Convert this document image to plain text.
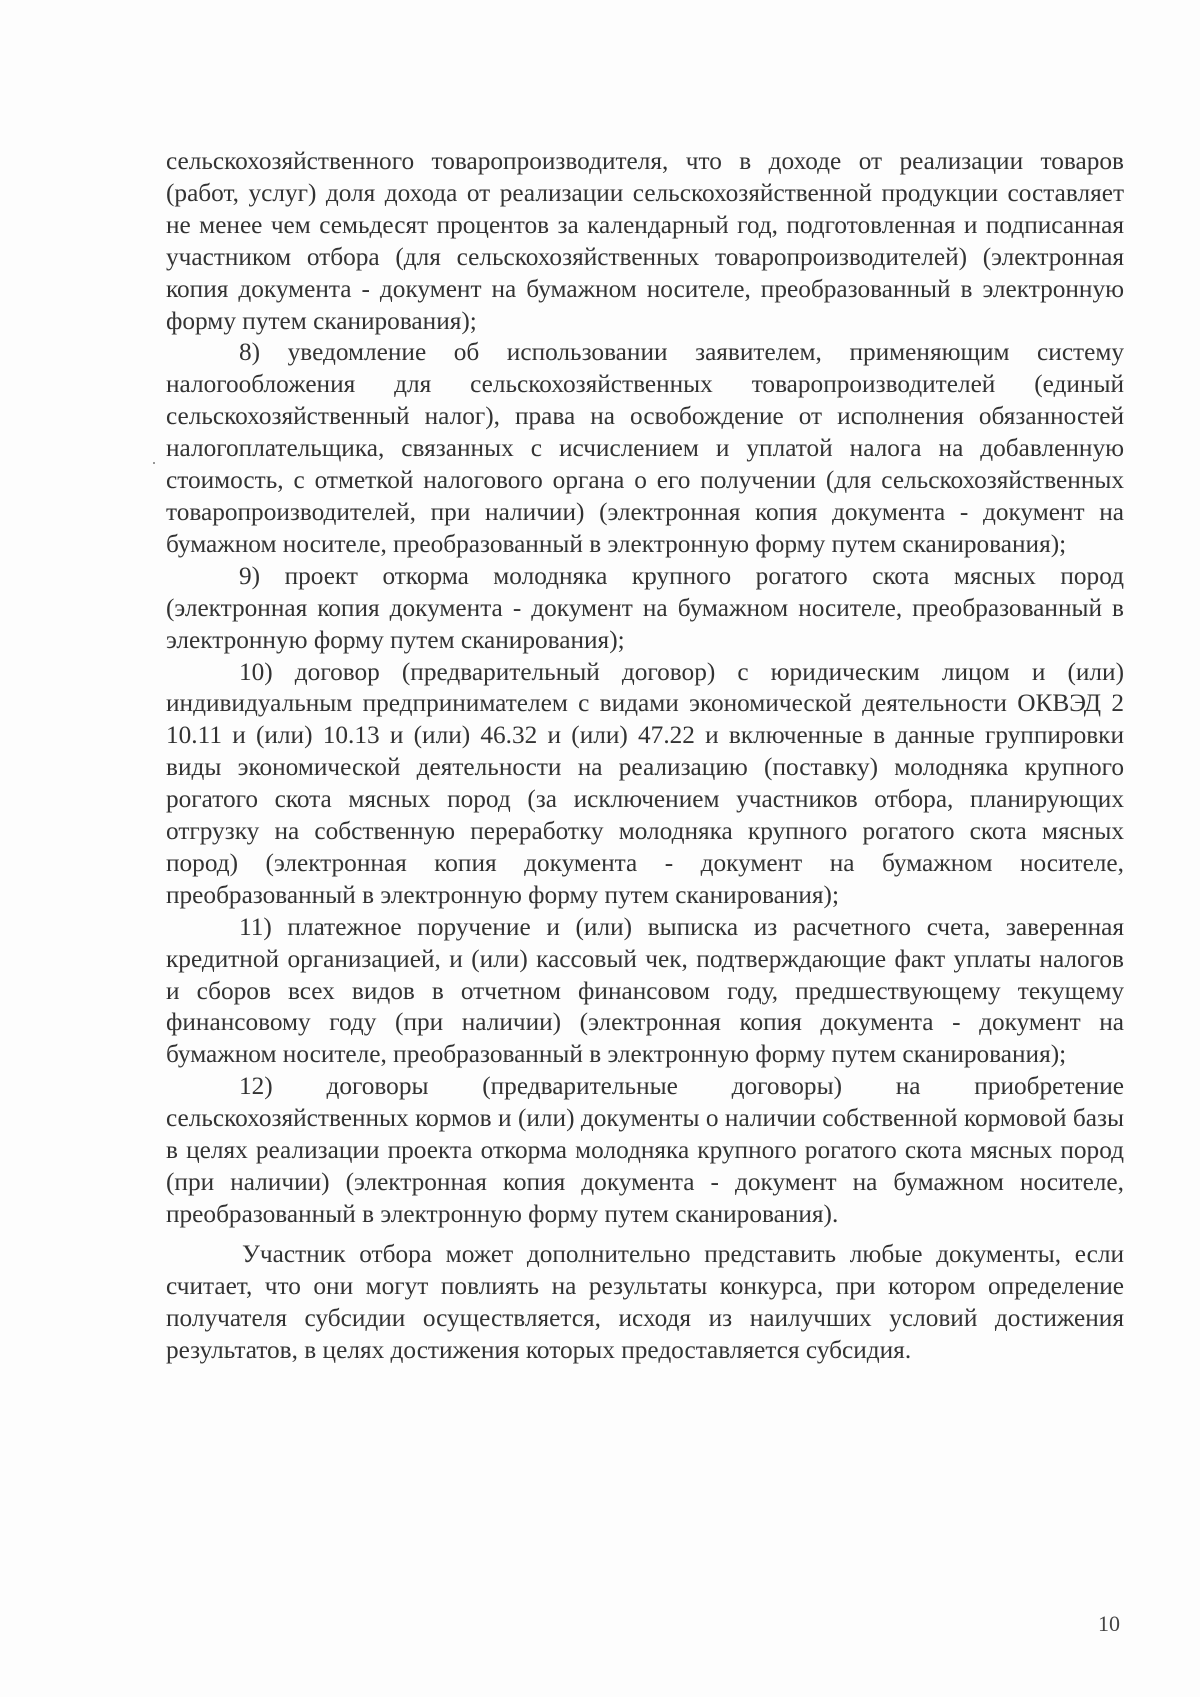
сельскохозяйственного товаропроизводителя, что в доходе от реализации товаров (работ, услуг) доля дохода от реализации сельскохозяйственной продукции составляет не менее чем семьдесят процентов за календарный год, подготовленная и подписанная участником отбора (для сельскохозяйственных товаропроизводителей) (электронная копия документа - документ на бумажном носителе, преобразованный в электронную форму путем сканирования);

8) уведомление об использовании заявителем, применяющим систему налогообложения для сельскохозяйственных товаропроизводителей (единый сельскохозяйственный налог), права на освобождение от исполнения обязанностей налогоплательщика, связанных с исчислением и уплатой налога на добавленную стоимость, с отметкой налогового органа о его получении (для сельскохозяйственных товаропроизводителей, при наличии) (электронная копия документа - документ на бумажном носителе, преобразованный в электронную форму путем сканирования);

9) проект откорма молодняка крупного рогатого скота мясных пород (электронная копия документа - документ на бумажном носителе, преобразованный в электронную форму путем сканирования);

10) договор (предварительный договор) с юридическим лицом и (или) индивидуальным предпринимателем с видами экономической деятельности ОКВЭД 2 10.11 и (или) 10.13 и (или) 46.32 и (или) 47.22 и включенные в данные группировки виды экономической деятельности на реализацию (поставку) молодняка крупного рогатого скота мясных пород (за исключением участников отбора, планирующих отгрузку на собственную переработку молодняка крупного рогатого скота мясных пород) (электронная копия документа - документ на бумажном носителе, преобразованный в электронную форму путем сканирования);

11) платежное поручение и (или) выписка из расчетного счета, заверенная кредитной организацией, и (или) кассовый чек, подтверждающие факт уплаты налогов и сборов всех видов в отчетном финансовом году, предшествующему текущему финансовому году (при наличии) (электронная копия документа - документ на бумажном носителе, преобразованный в электронную форму путем сканирования);

12) договоры (предварительные договоры) на приобретение сельскохозяйственных кормов и (или) документы о наличии собственной кормовой базы в целях реализации проекта откорма молодняка крупного рогатого скота мясных пород (при наличии) (электронная копия документа - документ на бумажном носителе, преобразованный в электронную форму путем сканирования).

Участник отбора может дополнительно представить любые документы, если считает, что они могут повлиять на результаты конкурса, при котором определение получателя субсидии осуществляется, исходя из наилучших условий достижения результатов, в целях достижения которых предоставляется субсидия.

10
